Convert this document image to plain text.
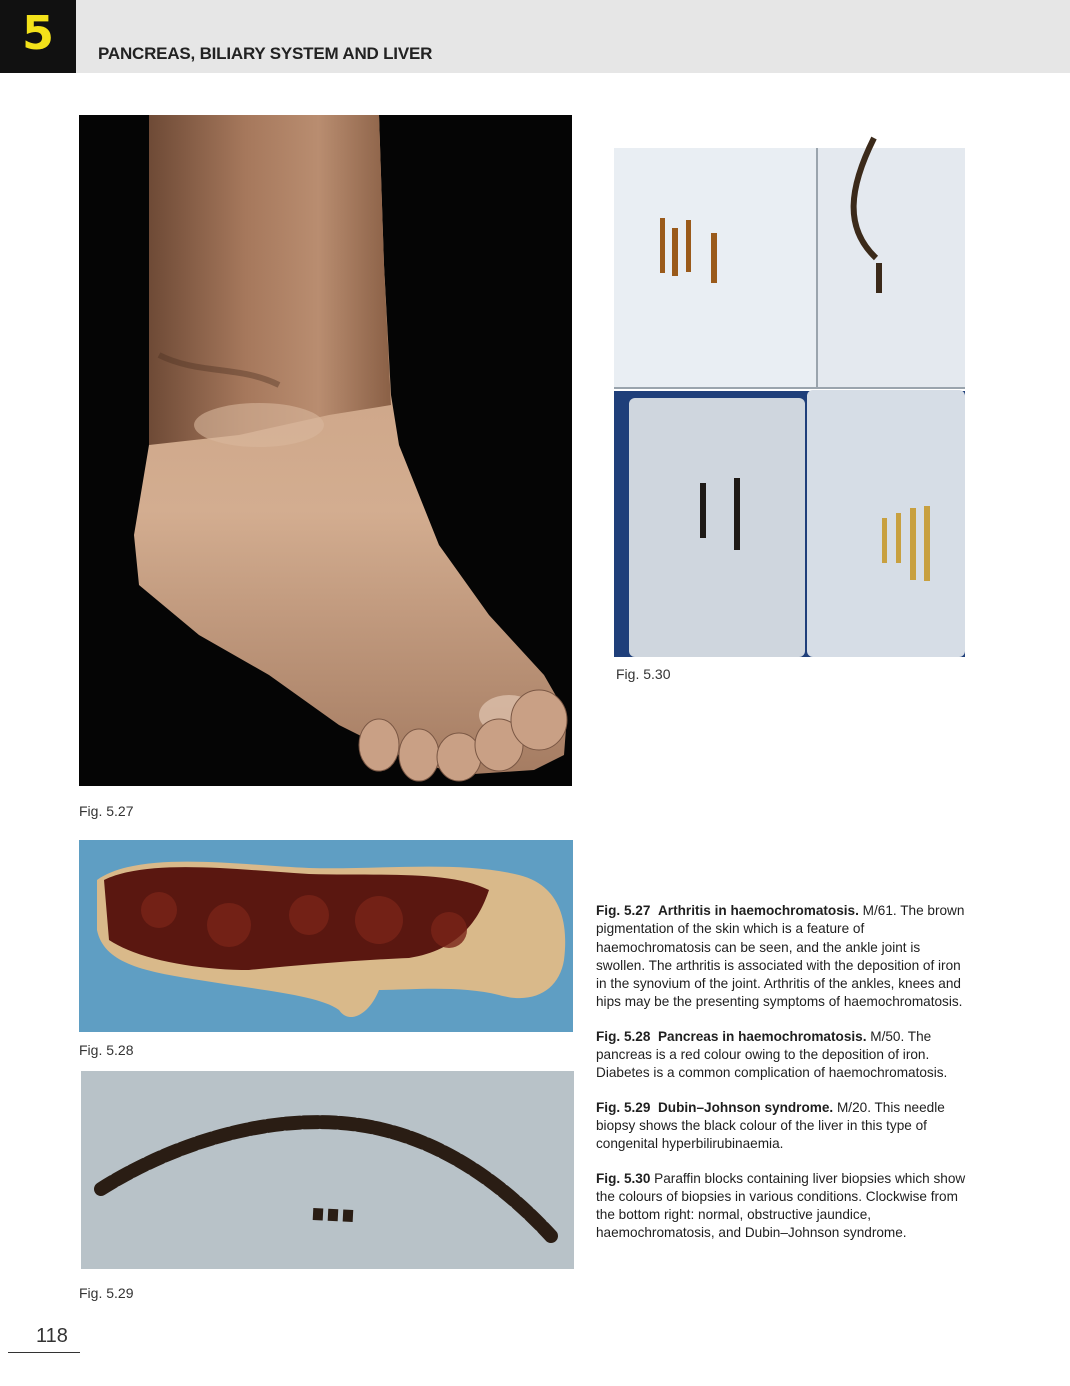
5	PANCREAS, BILIARY SYSTEM AND LIVER
Fig. 5.27
Fig. 5.30
Fig. 5.28
Fig. 5.29

Fig. 5.27 Arthritis in haemochromatosis. M/61. The brown pigmentation of the skin which is a feature of haemochromatosis can be seen, and the ankle joint is swollen. The arthritis is associated with the deposition of iron in the synovium of the joint. Arthritis of the ankles, knees and hips may be the presenting symptoms of haemochromatosis.

Fig. 5.28 Pancreas in haemochromatosis. M/50. The pancreas is a red colour owing to the deposition of iron. Diabetes is a common complication of haemochromatosis.

Fig. 5.29 Dubin–Johnson syndrome. M/20. This needle biopsy shows the black colour of the liver in this type of congenital hyperbilirubinaemia.

Fig. 5.30 Paraffin blocks containing liver biopsies which show the colours of biopsies in various conditions. Clockwise from the bottom right: normal, obstructive jaundice, haemochromatosis, and Dubin–Johnson syndrome.

118
